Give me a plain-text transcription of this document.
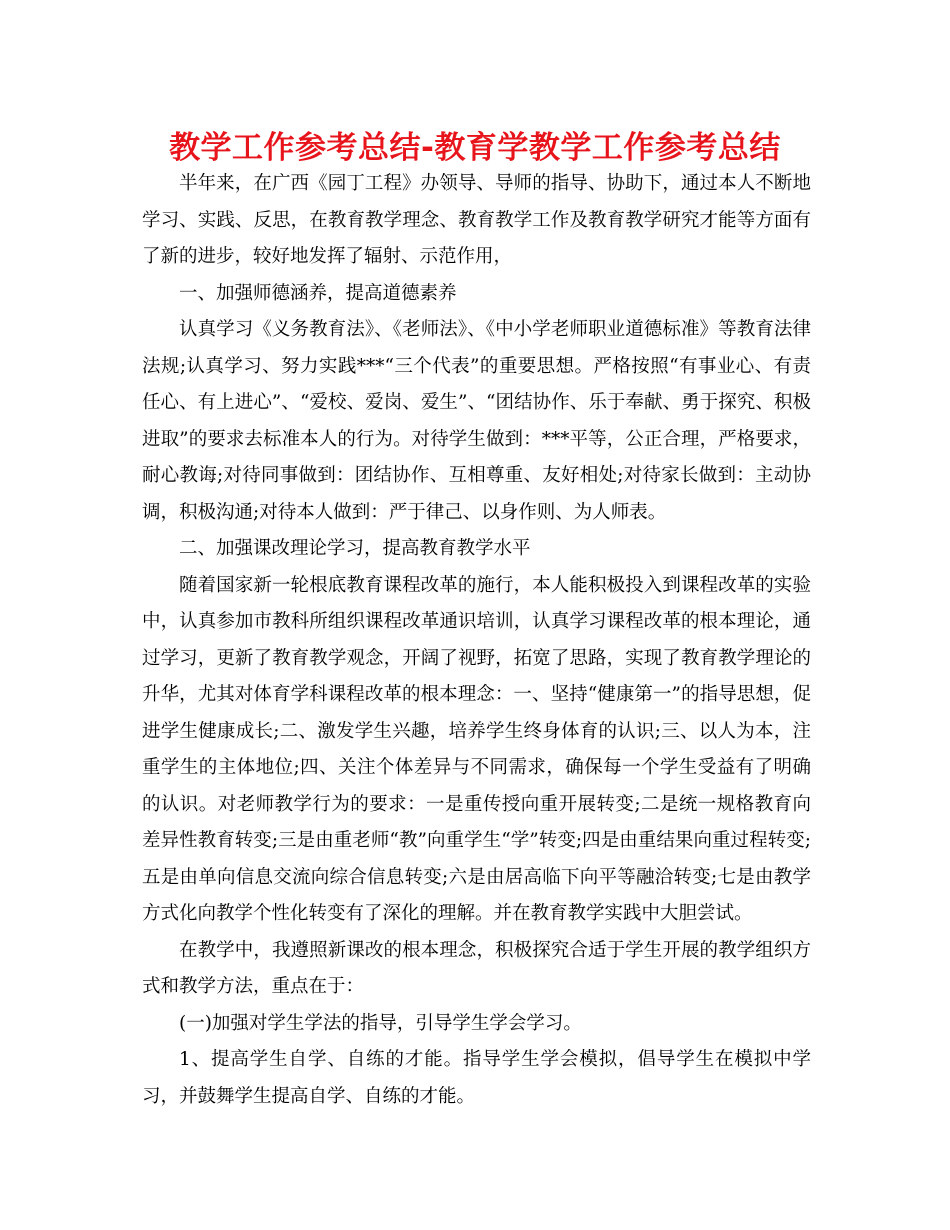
教学工作参考总结-教育学教学工作参考总结

半年来，在广西《园丁工程》办领导、导师的指导、协助下，通过本人不断地学习、实践、反思，在教育教学理念、教育教学工作及教育教学研究才能等方面有了新的进步，较好地发挥了辐射、示范作用，

一、加强师德涵养，提高道德素养

认真学习《义务教育法》、《老师法》、《中小学老师职业道德标准》等教育法律法规;认真学习、努力实践***“三个代表”的重要思想。严格按照“有事业心、有责任心、有上进心”、“爱校、爱岗、爱生”、“团结协作、乐于奉献、勇于探究、积极进取”的要求去标准本人的行为。对待学生做到：***平等，公正合理，严格要求，耐心教诲;对待同事做到：团结协作、互相尊重、友好相处;对待家长做到：主动协调，积极沟通;对待本人做到：严于律己、以身作则、为人师表。

二、加强课改理论学习，提高教育教学水平

随着国家新一轮根底教育课程改革的施行，本人能积极投入到课程改革的实验中，认真参加市教科所组织课程改革通识培训，认真学习课程改革的根本理论，通过学习，更新了教育教学观念，开阔了视野，拓宽了思路，实现了教育教学理论的升华，尤其对体育学科课程改革的根本理念：一、坚持“健康第一”的指导思想，促进学生健康成长;二、激发学生兴趣，培养学生终身体育的认识;三、以人为本，注重学生的主体地位;四、关注个体差异与不同需求，确保每一个学生受益有了明确的认识。对老师教学行为的要求：一是重传授向重开展转变;二是统一规格教育向差异性教育转变;三是由重老师“教”向重学生“学”转变;四是由重结果向重过程转变;五是由单向信息交流向综合信息转变;六是由居高临下向平等融洽转变;七是由教学方式化向教学个性化转变有了深化的理解。并在教育教学实践中大胆尝试。

在教学中，我遵照新课改的根本理念，积极探究合适于学生开展的教学组织方式和教学方法，重点在于：

(一)加强对学生学法的指导，引导学生学会学习。

1、提高学生自学、自练的才能。指导学生学会模拟，倡导学生在模拟中学习，并鼓舞学生提高自学、自练的才能。
